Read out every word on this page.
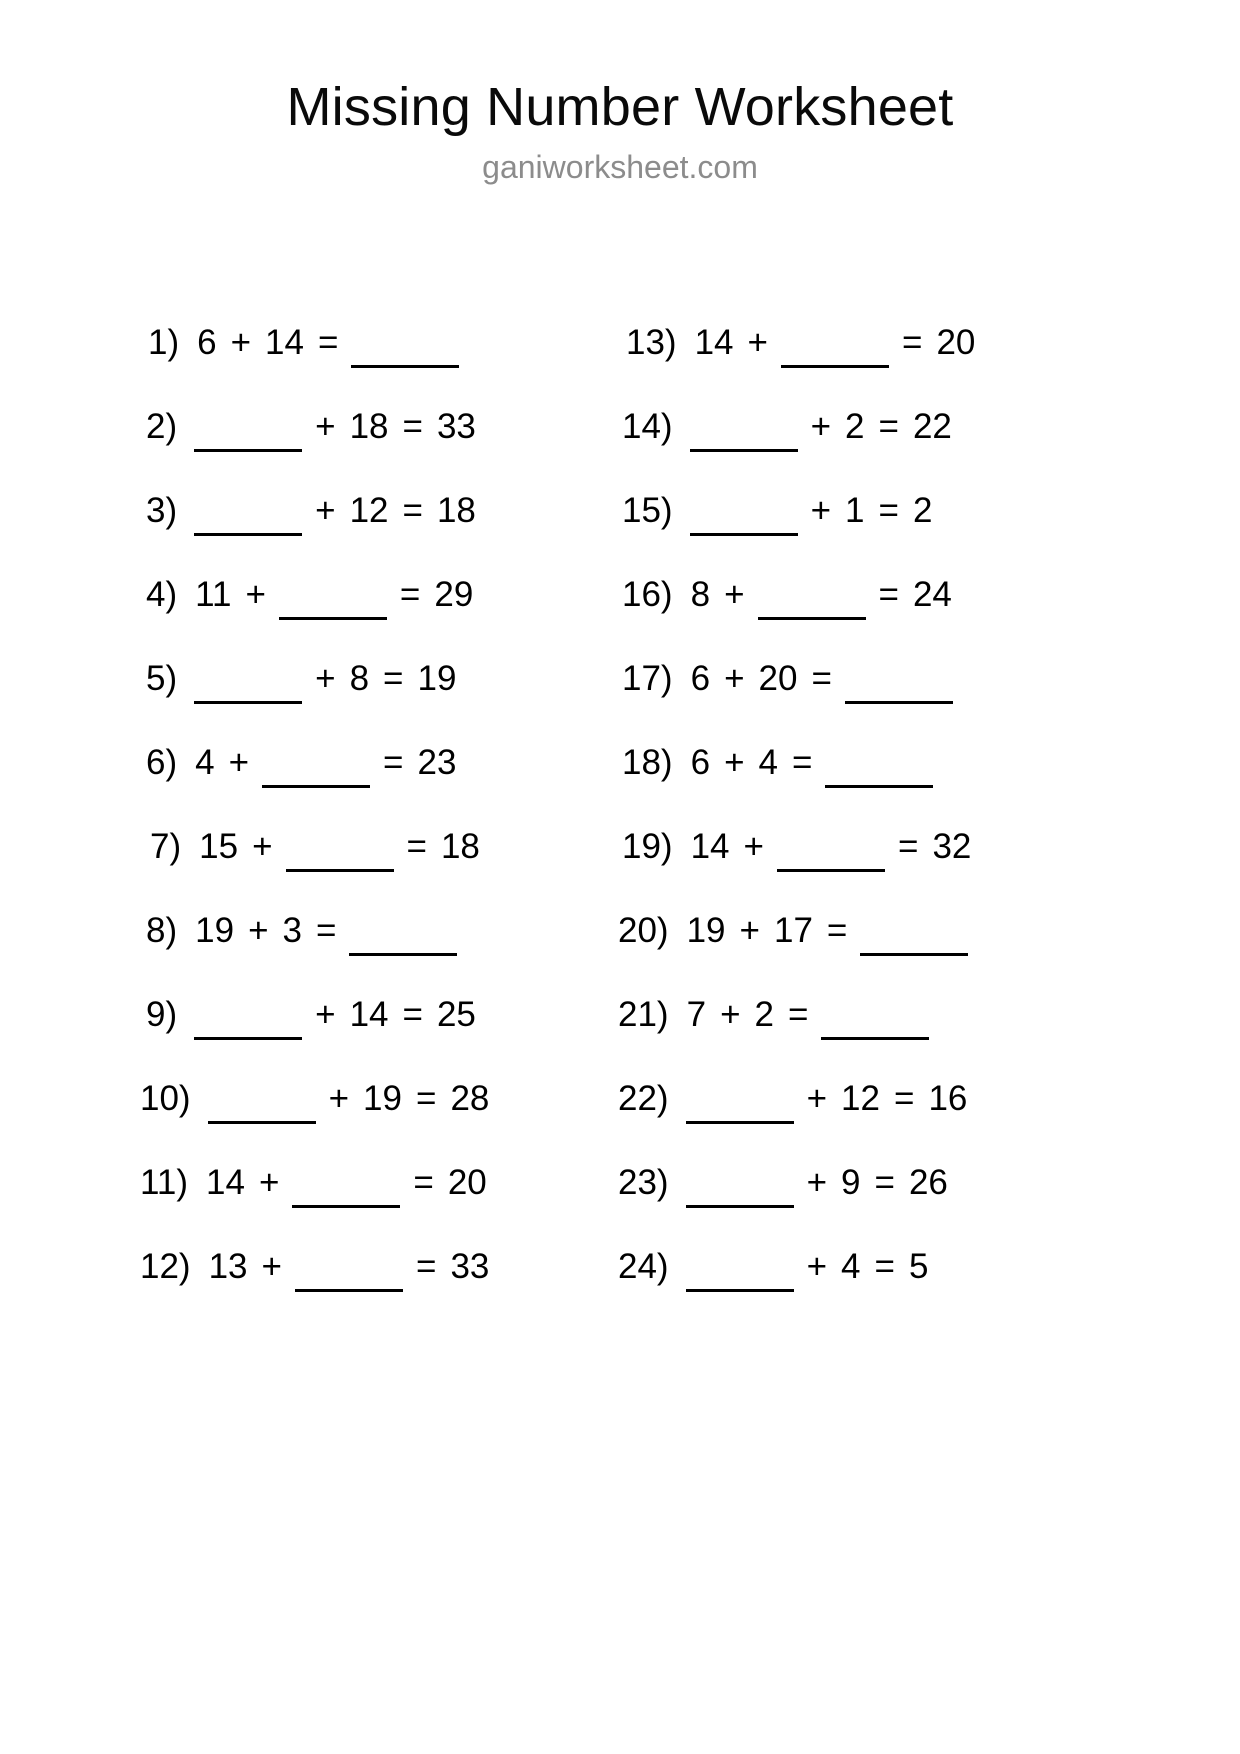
Missing Number Worksheet
ganiworksheet.com
1) 6 + 14 =
2)	+ 18 = 33
3)	+ 12 = 18
4) 11 +	= 29
5)	+ 8 = 19
6) 4 +	= 23
7) 15 +	= 18
8) 19 + 3 =
9)	+ 14 = 25
10)	+ 19 = 28
11) 14 +	= 20
12) 13 +	= 33
13) 14 +	= 20
14)	+ 2 = 22
15)	+ 1 = 2
16) 8 +	= 24
17) 6 + 20 =
18) 6 + 4 =
19) 14 +	= 32
20) 19 + 17 =
21) 7 + 2 =
22)	+ 12 = 16
23)	+ 9 = 26
24)	+ 4 = 5
